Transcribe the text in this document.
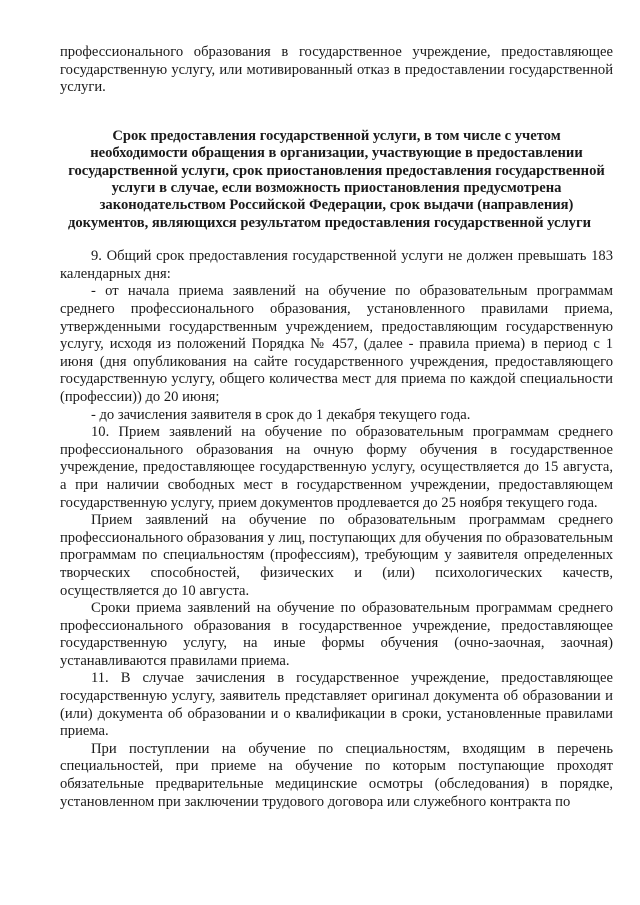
профессионального образования в государственное учреждение, предоставляющее государственную услугу, или мотивированный отказ в предоставлении государственной услуги.

Срок предоставления государственной услуги, в том числе с учетом необходимости обращения в организации, участвующие в предоставлении государственной услуги, срок приостановления предоставления государственной услуги в случае, если возможность приостановления предусмотрена законодательством Российской Федерации, срок выдачи (направления) документов, являющихся результатом предоставления государственной услуги

9. Общий срок предоставления государственной услуги не должен превышать 183 календарных дня:

- от начала приема заявлений на обучение по образовательным программам среднего профессионального образования, установленного правилами приема, утвержденными государственным учреждением, предоставляющим государственную услугу, исходя из положений Порядка № 457, (далее - правила приема) в период с 1 июня (дня опубликования на сайте государственного учреждения, предоставляющего государственную услугу, общего количества мест для приема по каждой специальности (профессии)) до 20 июня;

- до зачисления заявителя в срок до 1 декабря текущего года.

10. Прием заявлений на обучение по образовательным программам среднего профессионального образования на очную форму обучения в государственное учреждение, предоставляющее государственную услугу, осуществляется до 15 августа, а при наличии свободных мест в государственном учреждении, предоставляющем государственную услугу, прием документов продлевается до 25 ноября текущего года.

Прием заявлений на обучение по образовательным программам среднего профессионального образования у лиц, поступающих для обучения по образовательным программам по специальностям (профессиям), требующим у заявителя определенных творческих способностей, физических и (или) психологических качеств, осуществляется до 10 августа.

Сроки приема заявлений на обучение по образовательным программам среднего профессионального образования в государственное учреждение, предоставляющее государственную услугу, на иные формы обучения (очно-заочная, заочная) устанавливаются правилами приема.

11. В случае зачисления в государственное учреждение, предоставляющее государственную услугу, заявитель представляет оригинал документа об образовании и (или) документа об образовании и о квалификации в сроки, установленные правилами приема.

При поступлении на обучение по специальностям, входящим в перечень специальностей, при приеме на обучение по которым поступающие проходят обязательные предварительные медицинские осмотры (обследования) в порядке, установленном при заключении трудового договора или служебного контракта по
